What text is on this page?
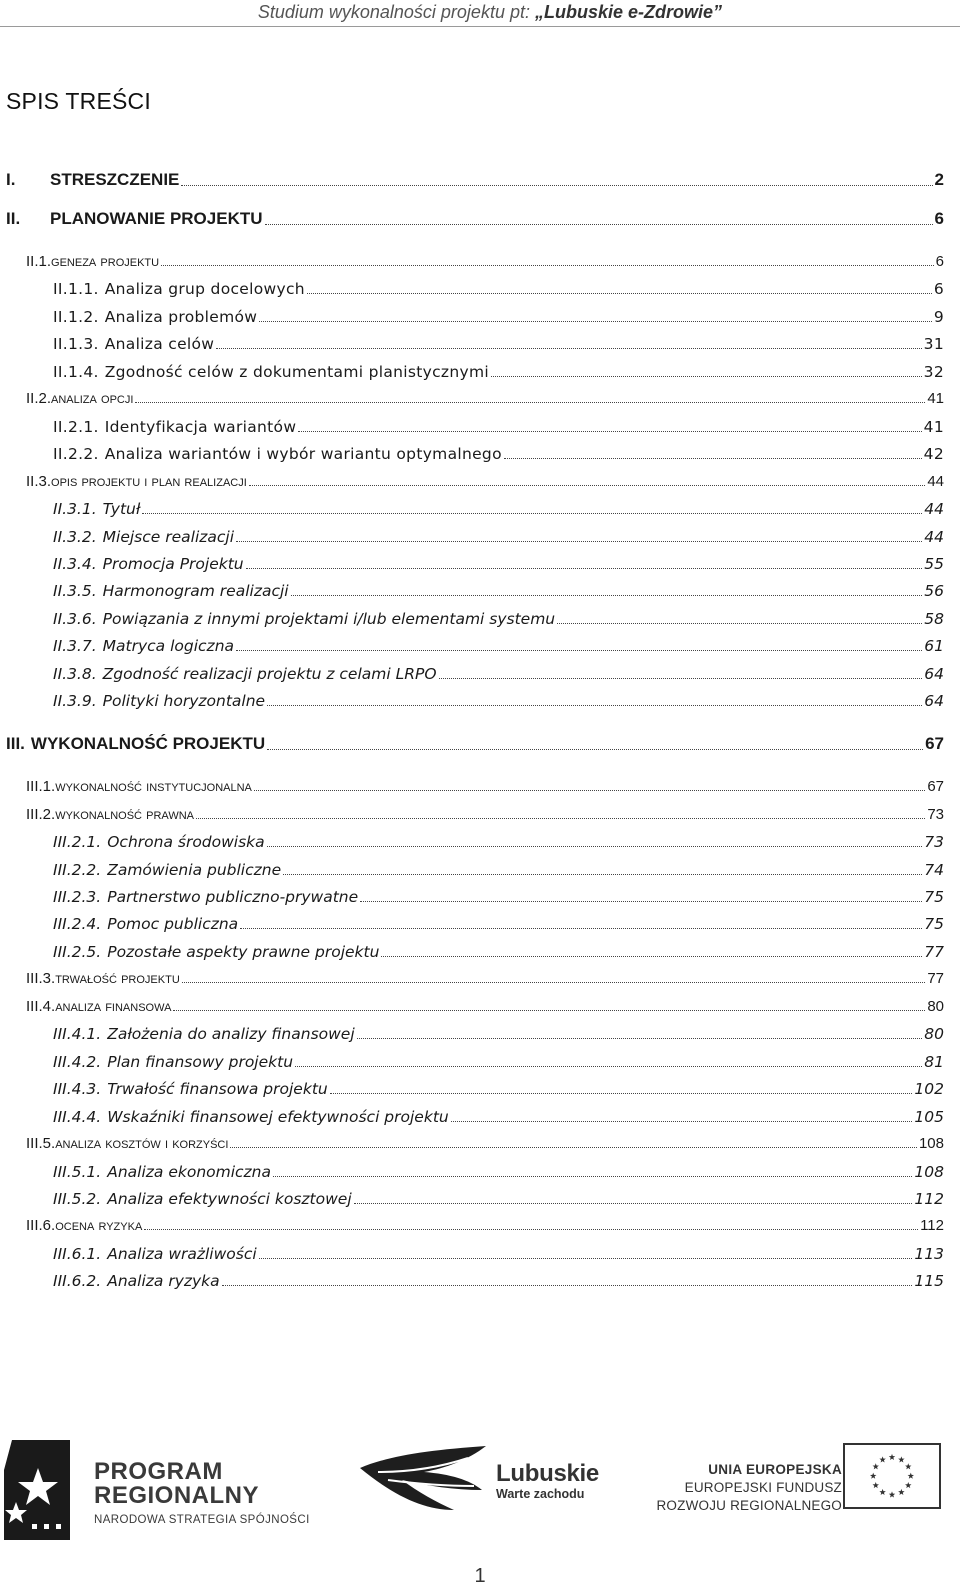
Studium wykonalności projektu pt: „Lubuskie e-Zdrowie”
SPIS TREŚCI
I.	STRESZCZENIE	2
II.	PLANOWANIE PROJEKTU	6
II.1. geneza projektu	6
II.1.1. Analiza grup docelowych	6
II.1.2. Analiza problemów	9
II.1.3. Analiza celów	31
II.1.4. Zgodność celów z dokumentami planistycznymi	32
II.2. analiza opcji	41
II.2.1. Identyfikacja wariantów	41
II.2.2. Analiza wariantów i wybór wariantu optymalnego	42
II.3. opis projektu i plan realizacji	44
II.3.1. Tytuł	44
II.3.2. Miejsce realizacji	44
II.3.4. Promocja Projektu	55
II.3.5. Harmonogram realizacji	56
II.3.6. Powiązania z innymi projektami i/lub elementami systemu	58
II.3.7. Matryca logiczna	61
II.3.8. Zgodność realizacji projektu z celami LRPO	64
II.3.9. Polityki horyzontalne	64
III. WYKONALNOŚĆ PROJEKTU	67
III.1. wykonalność instytucjonalna	67
III.2. wykonalność prawna	73
III.2.1. Ochrona środowiska	73
III.2.2. Zamówienia publiczne	74
III.2.3. Partnerstwo publiczno-prywatne	75
III.2.4. Pomoc publiczna	75
III.2.5. Pozostałe aspekty prawne projektu	77
III.3. trwałość projektu	77
III.4. analiza finansowa	80
III.4.1. Założenia do analizy finansowej	80
III.4.2. Plan finansowy projektu	81
III.4.3. Trwałość finansowa projektu	102
III.4.4. Wskaźniki finansowej efektywności projektu	105
III.5. analiza kosztów i korzyści	108
III.5.1. Analiza ekonomiczna	108
III.5.2. Analiza efektywności kosztowej	112
III.6. ocena ryzyka	112
III.6.1. Analiza wrażliwości	113
III.6.2. Analiza ryzyka	115
PROGRAM
REGIONALNY
NARODOWA STRATEGIA SPÓJNOŚCI
Lubuskie
Warte zachodu
UNIA EUROPEJSKA
EUROPEJSKI FUNDUSZ
ROZWOJU REGIONALNEGO
1
